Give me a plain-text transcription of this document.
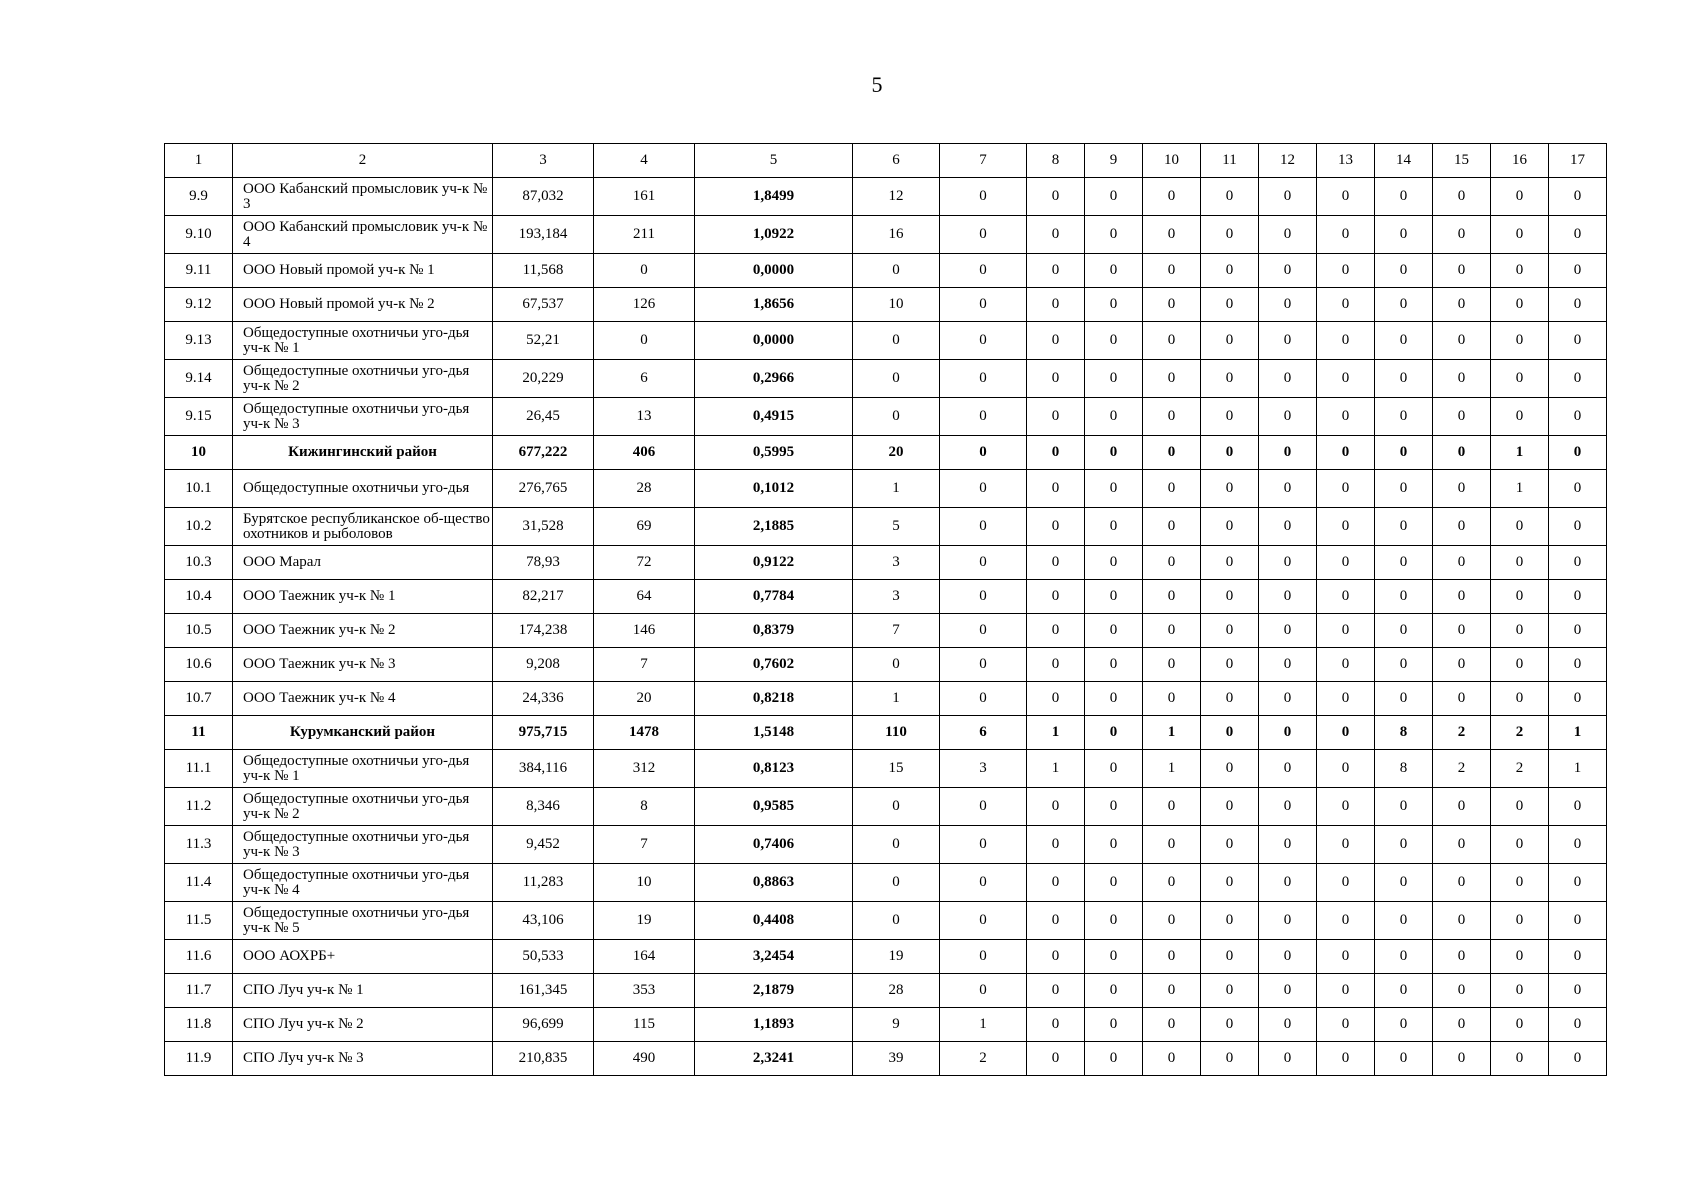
5
1	2	3	4	5	6	7	8	9	10	11	12	13	14	15	16	17
9.9	ООО Кабанский промысловик уч-к № 3	87,032	161	1,8499	12	0	0	0	0	0	0	0	0	0	0	0
9.10	ООО Кабанский промысловик уч-к № 4	193,184	211	1,0922	16	0	0	0	0	0	0	0	0	0	0	0
9.11	ООО Новый промой уч-к № 1	11,568	0	0,0000	0	0	0	0	0	0	0	0	0	0	0	0
9.12	ООО Новый промой уч-к № 2	67,537	126	1,8656	10	0	0	0	0	0	0	0	0	0	0	0
9.13	Общедоступные охотничьи уго-дья уч-к № 1	52,21	0	0,0000	0	0	0	0	0	0	0	0	0	0	0	0
9.14	Общедоступные охотничьи уго-дья уч-к № 2	20,229	6	0,2966	0	0	0	0	0	0	0	0	0	0	0	0
9.15	Общедоступные охотничьи уго-дья уч-к № 3	26,45	13	0,4915	0	0	0	0	0	0	0	0	0	0	0	0
10	Кижингинский район	677,222	406	0,5995	20	0	0	0	0	0	0	0	0	0	1	0
10.1	Общедоступные охотничьи уго-дья	276,765	28	0,1012	1	0	0	0	0	0	0	0	0	0	1	0
10.2	Бурятское республиканское об-щество охотников и рыболовов	31,528	69	2,1885	5	0	0	0	0	0	0	0	0	0	0	0
10.3	ООО Марал	78,93	72	0,9122	3	0	0	0	0	0	0	0	0	0	0	0
10.4	ООО Таежник уч-к № 1	82,217	64	0,7784	3	0	0	0	0	0	0	0	0	0	0	0
10.5	ООО Таежник уч-к № 2	174,238	146	0,8379	7	0	0	0	0	0	0	0	0	0	0	0
10.6	ООО Таежник уч-к № 3	9,208	7	0,7602	0	0	0	0	0	0	0	0	0	0	0	0
10.7	ООО Таежник уч-к № 4	24,336	20	0,8218	1	0	0	0	0	0	0	0	0	0	0	0
11	Курумканский район	975,715	1478	1,5148	110	6	1	0	1	0	0	0	8	2	2	1
11.1	Общедоступные охотничьи уго-дья уч-к № 1	384,116	312	0,8123	15	3	1	0	1	0	0	0	8	2	2	1
11.2	Общедоступные охотничьи уго-дья уч-к № 2	8,346	8	0,9585	0	0	0	0	0	0	0	0	0	0	0	0
11.3	Общедоступные охотничьи уго-дья уч-к № 3	9,452	7	0,7406	0	0	0	0	0	0	0	0	0	0	0	0
11.4	Общедоступные охотничьи уго-дья уч-к № 4	11,283	10	0,8863	0	0	0	0	0	0	0	0	0	0	0	0
11.5	Общедоступные охотничьи уго-дья уч-к № 5	43,106	19	0,4408	0	0	0	0	0	0	0	0	0	0	0	0
11.6	ООО АОХРБ+	50,533	164	3,2454	19	0	0	0	0	0	0	0	0	0	0	0
11.7	СПО Луч уч-к № 1	161,345	353	2,1879	28	0	0	0	0	0	0	0	0	0	0	0
11.8	СПО Луч уч-к № 2	96,699	115	1,1893	9	1	0	0	0	0	0	0	0	0	0	0
11.9	СПО Луч уч-к № 3	210,835	490	2,3241	39	2	0	0	0	0	0	0	0	0	0	0
